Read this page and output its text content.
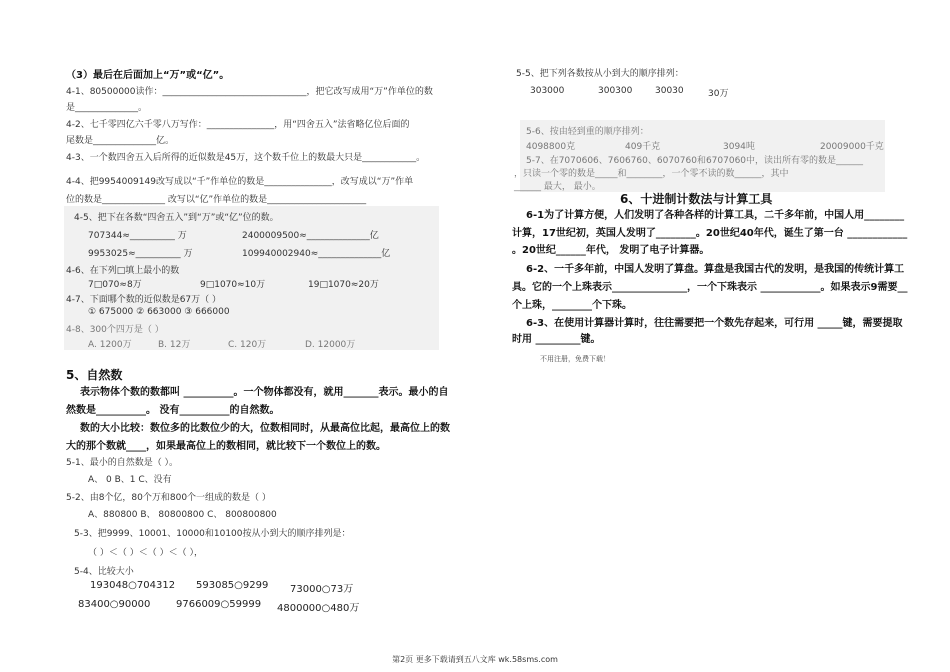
（3）最后在后面加上“万”或“亿”。
4-1、80500000读作：________________________________，把它改写成用“万”作单位的数
是______________。
4-2、七千零四亿六千零八万写作：_______________，用“四舍五入”法省略亿位后面的
尾数是______________亿。
4-3、一个数四舍五入后所得的近似数是45万，这个数千位上的数最大只是____________。
4-4、把9954009149改写成以“千”作单位的数是_______________，改写成以“万”作单
位的数是______________ 改写以“亿”作单位的数是______________________
4-5、把下在各数“四舍五入”到“万”或“亿”位的数。
707344≈__________ 万	2400009500≈______________亿
9953025≈__________ 万	109940002940≈______________亿
4-6、在下列□填上最小的数
7□070≈8万	9□1070≈10万	19□1070≈20万
4-7、下面哪个数的近似数是67万（ ）
① 675000 ② 663000 ③ 666000
4-8、300个四万是（ ）
A. 1200万	B. 12万	C. 120万	D. 12000万
5、自然数
表示物体个数的数都叫 __________。一个物体都没有，就用_______表示。最小的自
然数是__________。 没有__________的自然数。
数的大小比较：数位多的比数位少的大，位数相同时，从最高位比起，最高位上的数
大的那个数就____，如果最高位上的数相同，就比较下一个数位上的数。
5-1、最小的自然数是（ ）。
A、 0 B、1 C、没有
5-2、由8个亿，80个万和800个一组成的数是（ ）
A、880800 B、 80800800 C、 800800800
5-3、把9999、10001、10000和10100按从小到大的顺序排列是：
（ ）＜（ ）＜（ ）＜（ ），
5-4、比较大小
193048○704312 593085○9299 73000○73万
83400○90000	9766009○59999 4800000○480万
5-5、把下列各数按从小到大的顺序排列：
303000	300300	30030	30万
5-6、按由轻到重的顺序排列：
4098800克	409千克	3094吨	20009000千克
5-7、在7070606、7606760、6070760和6707060中，读出所有零的数是______
，只读一个零的数是_____和________，一个零不读的数______，其中
______ 最大， 最小。
6、十进制计数法与计算工具
6-1为了计算方便，人们发明了各种各样的计算工具，二千多年前，中国人用________
计算，17世纪初，英国人发明了________。20世纪40年代，诞生了第一台 ____________
。20世纪______年代， 发明了电子计算器。
6-2、一千多年前，中国人发明了算盘。算盘是我国古代的发明，是我国的传统计算工
具。它的一个上珠表示_______________，一个下珠表示 ____________。如果表示9需要__
个上珠，________个下珠。
6-3、在使用计算器计算时，往往需要把一个数先存起来，可行用 _____键，需要提取
时用 _________键。
不用注册，免费下载！
第2页 更多下载请到五八文库 wk.58sms.com
